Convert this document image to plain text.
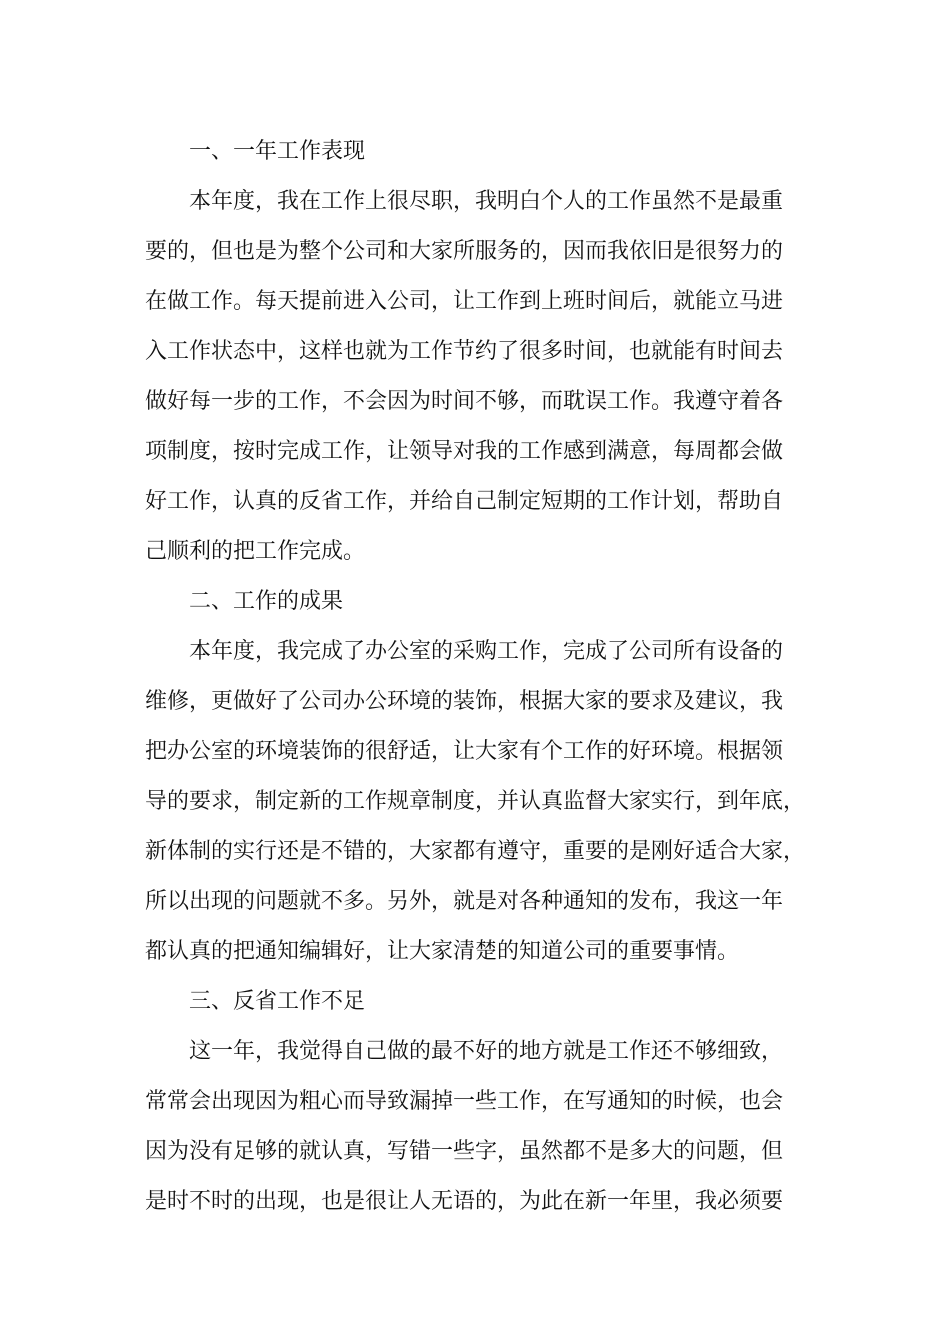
一、一年工作表现
本年度，我在工作上很尽职，我明白个人的工作虽然不是最重
要的，但也是为整个公司和大家所服务的，因而我依旧是很努力的
在做工作。每天提前进入公司，让工作到上班时间后，就能立马进
入工作状态中，这样也就为工作节约了很多时间，也就能有时间去
做好每一步的工作，不会因为时间不够，而耽误工作。我遵守着各
项制度，按时完成工作，让领导对我的工作感到满意，每周都会做
好工作，认真的反省工作，并给自己制定短期的工作计划，帮助自
己顺利的把工作完成。
二、工作的成果
本年度，我完成了办公室的采购工作，完成了公司所有设备的
维修，更做好了公司办公环境的装饰，根据大家的要求及建议，我
把办公室的环境装饰的很舒适，让大家有个工作的好环境。根据领
导的要求，制定新的工作规章制度，并认真监督大家实行，到年底，
新体制的实行还是不错的，大家都有遵守，重要的是刚好适合大家，
所以出现的问题就不多。另外，就是对各种通知的发布，我这一年
都认真的把通知编辑好，让大家清楚的知道公司的重要事情。
三、反省工作不足
这一年，我觉得自己做的最不好的地方就是工作还不够细致，
常常会出现因为粗心而导致漏掉一些工作，在写通知的时候，也会
因为没有足够的就认真，写错一些字，虽然都不是多大的问题，但
是时不时的出现，也是很让人无语的，为此在新一年里，我必须要
